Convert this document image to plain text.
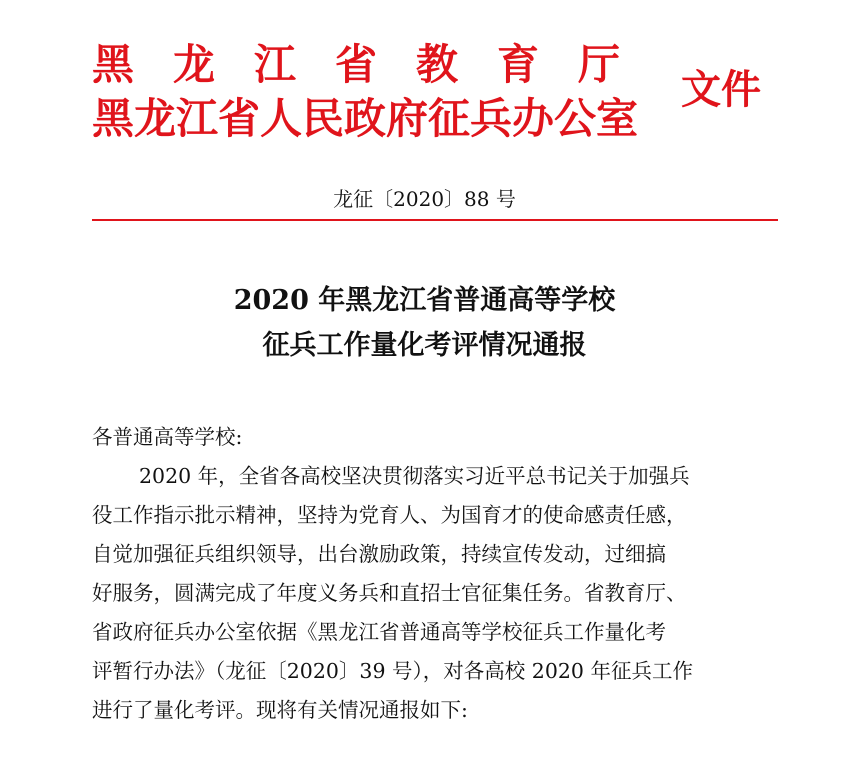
黑龙江省教育厅
黑龙江省人民政府征兵办公室
文件
龙征〔2020〕88 号
2020 年黑龙江省普通高等学校
征兵工作量化考评情况通报
各普通高等学校:
2020 年，全省各高校坚决贯彻落实习近平总书记关于加强兵
役工作指示批示精神，坚持为党育人、为国育才的使命感责任感，
自觉加强征兵组织领导，出台激励政策，持续宣传发动，过细搞
好服务，圆满完成了年度义务兵和直招士官征集任务。省教育厅、
省政府征兵办公室依据《黑龙江省普通高等学校征兵工作量化考
评暂行办法》（龙征〔2020〕39 号），对各高校 2020 年征兵工作
进行了量化考评。现将有关情况通报如下:
